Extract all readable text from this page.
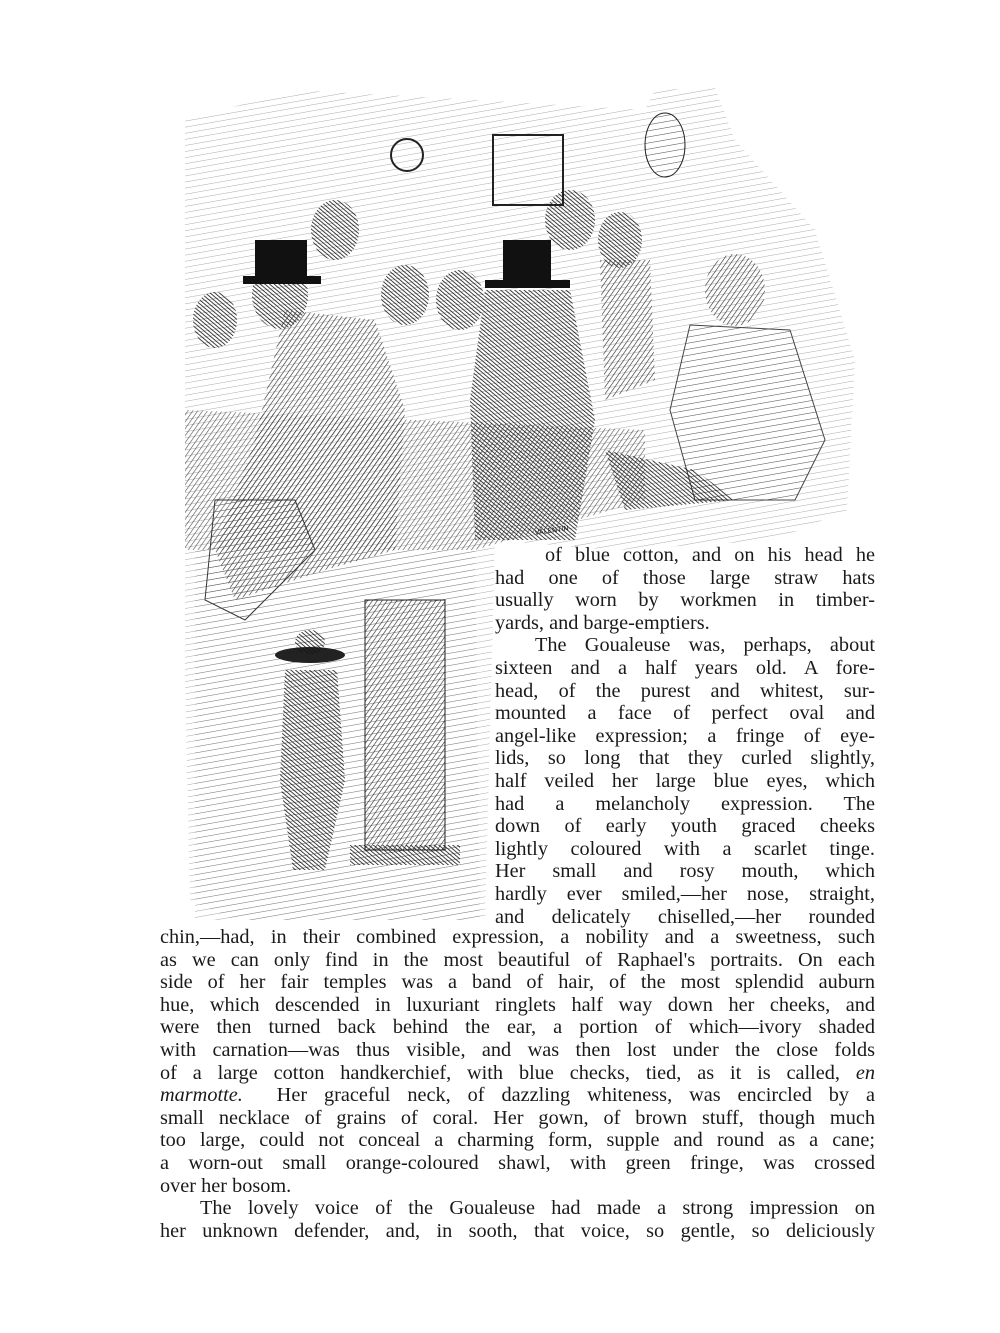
VALENTIN
of blue cotton, and on his head he
had one of those large straw hats
usually worn by workmen in timber-
yards, and barge-emptiers.
The Goualeuse was, perhaps, about
sixteen and a half years old. A fore-
head, of the purest and whitest, sur-
mounted a face of perfect oval and
angel-like expression; a fringe of eye-
lids, so long that they curled slightly,
half veiled her large blue eyes, which
had a melancholy expression. The
down of early youth graced cheeks
lightly coloured with a scarlet tinge.
Her small and rosy mouth, which
hardly ever smiled,—her nose, straight,
and delicately chiselled,—her rounded
chin,—had, in their combined expression, a nobility and a sweetness, such
as we can only find in the most beautiful of Raphael's portraits. On each
side of her fair temples was a band of hair, of the most splendid auburn
hue, which descended in luxuriant ringlets half way down her cheeks, and
were then turned back behind the ear, a portion of which—ivory shaded
with carnation—was thus visible, and was then lost under the close folds
of a large cotton handkerchief, with blue checks, tied, as it is called, en
marmotte. Her graceful neck, of dazzling whiteness, was encircled by a
small necklace of grains of coral. Her gown, of brown stuff, though much
too large, could not conceal a charming form, supple and round as a cane;
a worn-out small orange-coloured shawl, with green fringe, was crossed
over her bosom.
The lovely voice of the Goualeuse had made a strong impression on
her unknown defender, and, in sooth, that voice, so gentle, so deliciously
